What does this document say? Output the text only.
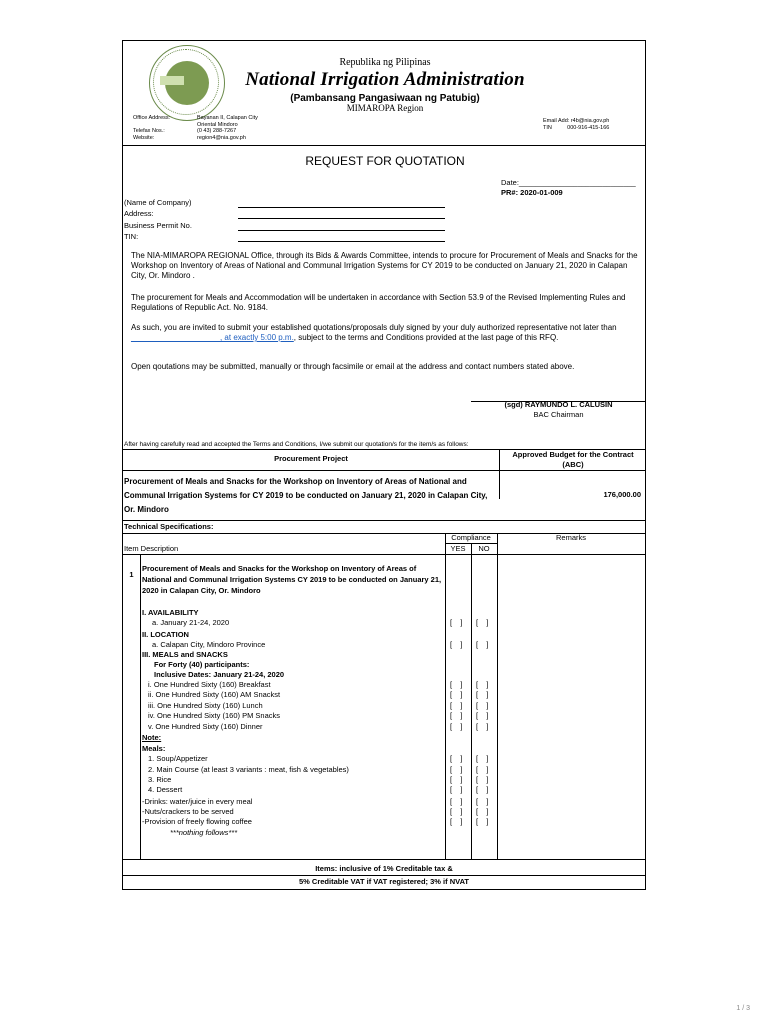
Republika ng Pilipinas
National Irrigation Administration
(Pambansang Pangasiwaan ng Patubig)
MIMAROPA Region
Office Address:	Bayanan II, Calapan City
Oriental Mindoro
Telefax Nos.:	(0 43) 288-7267
Website:	region4@nia.gov.ph
Email Add: r4b@nia.gov.ph
TIN          000-916-415-166
REQUEST FOR QUOTATION
Date:____________________________
PR#: 2020-01-009
(Name of Company)
Address:
Business Permit No.
TIN:
The NIA-MIMAROPA REGIONAL Office, through its Bids & Awards Committee, intends to procure for Procurement of Meals and Snacks for the Workshop on Inventory of Areas of National and Communal Irrigation Systems for CY 2019 to be conducted on January 21, 2020 in Calapan City, Or. Mindoro .
The procurement for Meals and Accommodation will be undertaken in accordance with Section 53.9 of the Revised Implementing Rules and Regulations of Republic Act. No. 9184.
As such, you are invited to submit your established quotations/proposals duly signed by your duly authorized representative not later than ____________________, at exactly 5:00 p.m., subject to the terms and Conditions provided at the last page of this RFQ.
Open qoutations may be submitted, manually or through facsimile or email at the address and contact numbers stated above.
(sgd) RAYMUNDO L. CALUSIN
BAC Chairman
After having carefully read and accepted the Terms and Conditions, I/we submit our quotation/s for the item/s as follows:
Procurement Project	Approved Budget for the Contract (ABC)
Procurement of Meals and Snacks for the Workshop on Inventory of Areas of National and Communal Irrigation Systems for CY 2019 to be conducted on January 21, 2020 in Calapan City, Or. Mindoro
176,000.00
Technical Specifications:
Compliance	Remarks
YES	NO
Item Description
1
Procurement of Meals and Snacks for the Workshop on Inventory of Areas of National and Communal Irrigation Systems CY 2019 to be conducted on January 21, 2020 in Calapan City, Or. Mindoro
I. AVAILABILITY
a. January 21-24, 2020	[    ] [    ]
II. LOCATION
a. Calapan City, Mindoro Province	[    ] [    ]
III. MEALS and SNACKS
For Forty (40) participants:
Inclusive Dates: January 21-24, 2020
i. One Hundred Sixty (160) Breakfast	[    ] [    ]
ii. One Hundred Sixty (160) AM Snackst	[    ] [    ]
iii. One Hundred Sixty (160) Lunch	[    ] [    ]
iv. One Hundred Sixty (160) PM Snacks	[    ] [    ]
v. One Hundred Sixty (160) Dinner	[    ] [    ]
Note:
Meals:
1. Soup/Appetizer	[    ] [    ]
2. Main Course (at least 3 variants : meat, fish & vegetables)	[    ] [    ]
3. Rice	[    ] [    ]
4. Dessert	[    ] [    ]
-Drinks: water/juice in every meal	[    ] [    ]
-Nuts/crackers to be served	[    ] [    ]
-Provision of freely flowing coffee	[    ] [    ]
***nothing follows***
Items: inclusive of 1% Creditable tax &
5% Creditable VAT if VAT registered; 3% if NVAT
1 / 3
